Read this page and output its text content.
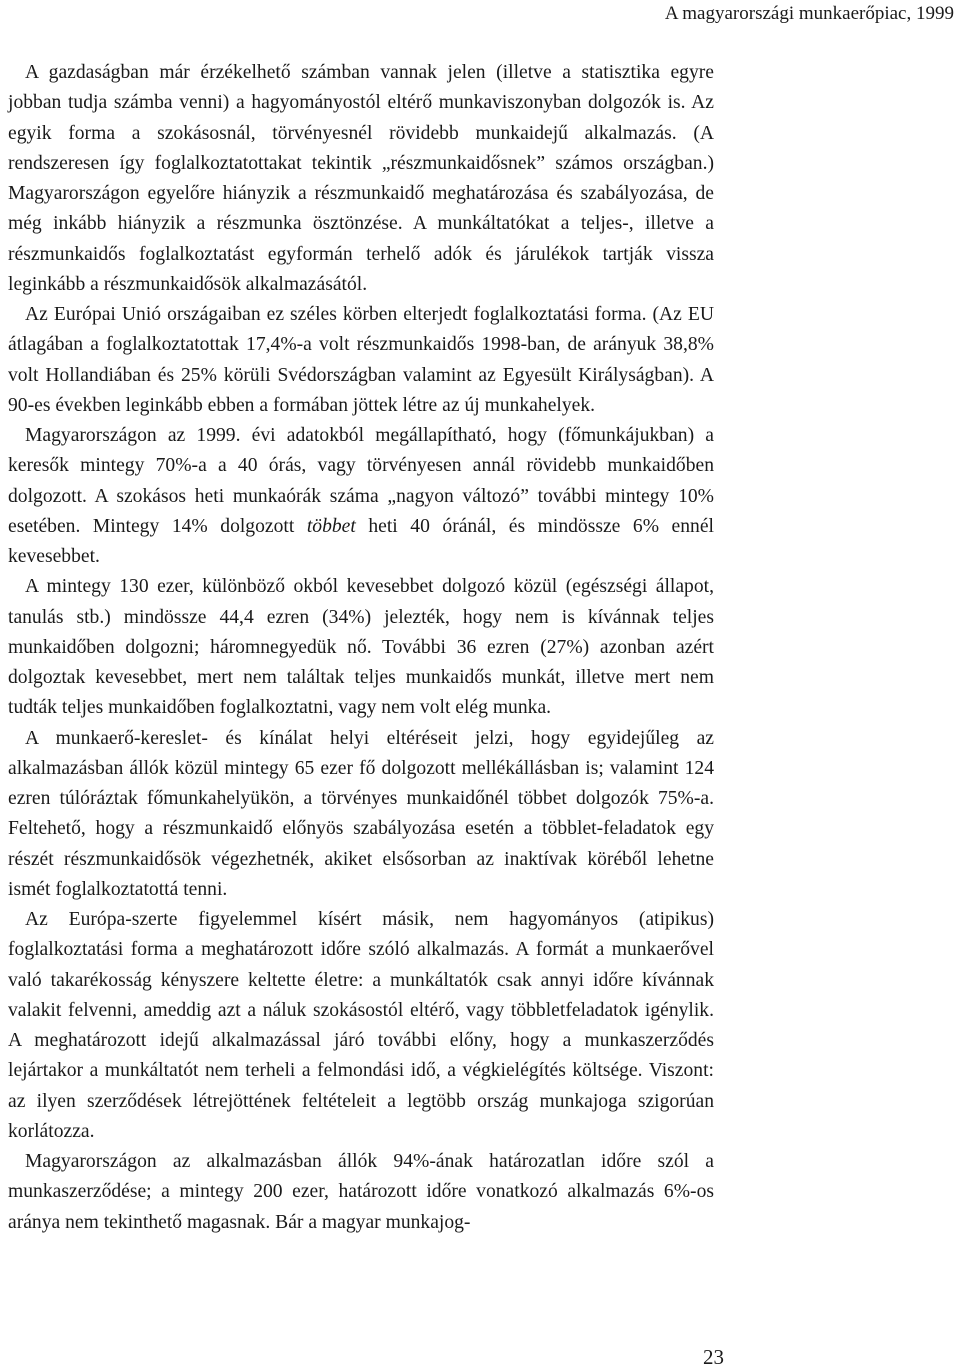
A magyarországi munkaerőpiac, 1999

A gazdaságban már érzékelhető számban vannak jelen (illetve a statisztika egyre jobban tudja számba venni) a hagyományostól eltérő munkaviszonyban dolgozók is. Az egyik forma a szokásosnál, törvényesnél rövidebb munkaidejű alkalmazás. (A rendszeresen így foglalkoztatottakat tekintik „részmunkaidősnek” számos országban.) Magyarországon egyelőre hiányzik a részmunkaidő meghatározása és szabályozása, de még inkább hiányzik a részmunka ösztönzése. A munkáltatókat a teljes-, illetve a részmunkaidős foglalkoztatást egyformán terhelő adók és járulékok tartják vissza leginkább a részmunkaidősök alkalmazásától.

Az Európai Unió országaiban ez széles körben elterjedt foglalkoztatási forma. (Az EU átlagában a foglalkoztatottak 17,4%-a volt részmunkaidős 1998-ban, de arányuk 38,8% volt Hollandiában és 25% körüli Svédországban valamint az Egyesült Királyságban). A 90-es években leginkább ebben a formában jöttek létre az új munkahelyek.

Magyarországon az 1999. évi adatokból megállapítható, hogy (főmunkájukban) a keresők mintegy 70%-a a 40 órás, vagy törvényesen annál rövidebb munkaidőben dolgozott. A szokásos heti munkaórák száma „nagyon változó” további mintegy 10% esetében. Mintegy 14% dolgozott többet heti 40 óránál, és mindössze 6% ennél kevesebbet.

A mintegy 130 ezer, különböző okból kevesebbet dolgozó közül (egészségi állapot, tanulás stb.) mindössze 44,4 ezren (34%) jelezték, hogy nem is kívánnak teljes munkaidőben dolgozni; háromnegyedük nő. További 36 ezren (27%) azonban azért dolgoztak kevesebbet, mert nem találtak teljes munkaidős munkát, illetve mert nem tudták teljes munkaidőben foglalkoztatni, vagy nem volt elég munka.

A munkaerő-kereslet- és kínálat helyi eltéréseit jelzi, hogy egyidejűleg az alkalmazásban állók közül mintegy 65 ezer fő dolgozott mellékállásban is; valamint 124 ezren túlóráztak főmunkahelyükön, a törvényes munkaidőnél többet dolgozók 75%-a. Feltehető, hogy a részmunkaidő előnyös szabályozása esetén a többlet-feladatok egy részét részmunkaidősök végezhetnék, akiket elsősorban az inaktívak köréből lehetne ismét foglalkoztatottá tenni.

Az Európa-szerte figyelemmel kísért másik, nem hagyományos (atipikus) foglalkoztatási forma a meghatározott időre szóló alkalmazás. A formát a munkaerővel való takarékosság kényszere keltette életre: a munkáltatók csak annyi időre kívánnak valakit felvenni, ameddig azt a náluk szokásostól eltérő, vagy többletfeladatok igénylik. A meghatározott idejű alkalmazással járó további előny, hogy a munkaszerződés lejártakor a munkáltatót nem terheli a felmondási idő, a végkielégítés költsége. Viszont: az ilyen szerződések létrejöttének feltételeit a legtöbb ország munkajoga szigorúan korlátozza.

Magyarországon az alkalmazásban állók 94%-ának határozatlan időre szól a munkaszerződése; a mintegy 200 ezer, határozott időre vonatkozó alkalmazás 6%-os aránya nem tekinthető magasnak. Bár a magyar munkajog-

23
